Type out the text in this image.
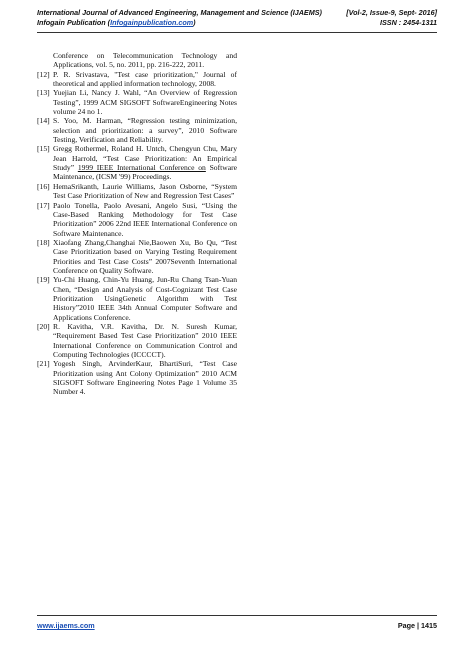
International Journal of Advanced Engineering, Management and Science (IJAEMS)	[Vol-2, Issue-9, Sept- 2016]
Infogain Publication (Infogainpublication.com)	ISSN : 2454-1311
Conference on Telecommunication Technology and Applications, vol. 5, no. 2011, pp. 216-222, 2011.
[12] P. R. Srivastava, "Test case prioritization," Journal of theoretical and applied information technology, 2008.
[13] Yuejian Li, Nancy J. Wahl, “An Overview of Regression Testing”, 1999 ACM SIGSOFT SoftwareEngineering Notes volume 24 no 1.
[14] S. Yoo, M. Harman, “Regression testing minimization, selection and prioritization: a survey”, 2010 Software Testing, Verification and Reliability.
[15] Gregg Rothermel, Roland H. Untch, Chengyun Chu, Mary Jean Harrold, “Test Case Prioritization: An Empirical Study” 1999 IEEE International Conference on Software Maintenance, (ICSM '99) Proceedings.
[16] HemaSrikanth, Laurie Williams, Jason Osborne, “System Test Case Prioritization of New and Regression Test Cases”
[17] Paolo Tonella, Paolo Avesani, Angelo Susi, “Using the Case-Based Ranking Methodology for Test Case Prioritization” 2006 22nd IEEE International Conference on Software Maintenance.
[18] Xiaofang Zhang,Changhai Nie,Baowen Xu, Bo Qu, “Test Case Prioritization based on Varying Testing Requirement Priorities and Test Case Costs” 2007Seventh International Conference on Quality Software.
[19] Yu-Chi Huang, Chin-Yu Huang, Jun-Ru Chang Tsan-Yuan Chen, “Design and Analysis of Cost-Cognizant Test Case Prioritization UsingGenetic Algorithm with Test History”2010 IEEE 34th Annual Computer Software and Applications Conference.
[20] R. Kavitha, V.R. Kavitha, Dr. N. Suresh Kumar, “Requirement Based Test Case Prioritization” 2010 IEEE International Conference on Communication Control and Computing Technologies (ICCCCT).
[21] Yogesh Singh, ArvinderKaur, BhartiSuri, “Test Case Prioritization using Ant Colony Optimization” 2010 ACM SIGSOFT Software Engineering Notes Page 1 Volume 35 Number 4.
www.ijaems.com	Page | 1415
